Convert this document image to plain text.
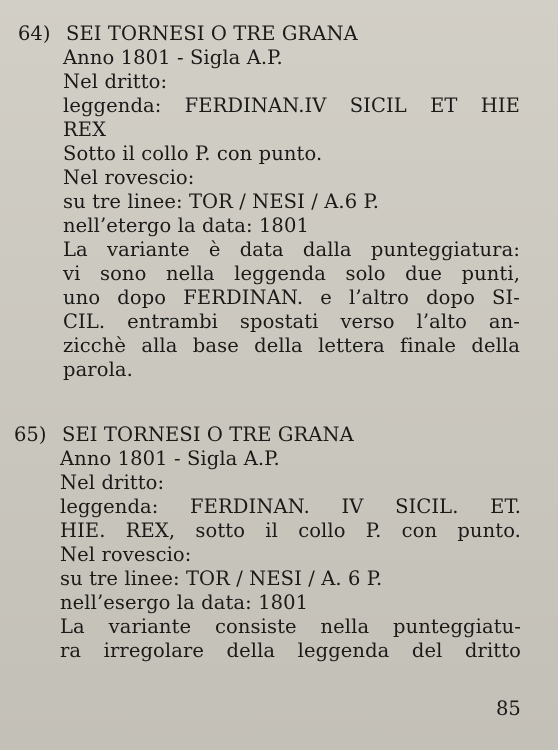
64) SEI TORNESI O TRE GRANA
Anno 1801 - Sigla A.P.
Nel dritto:
leggenda: FERDINAN.IV SICIL ET HIE
REX
Sotto il collo P. con punto.
Nel rovescio:
su tre linee: TOR / NESI / A.6 P.
nell’etergo la data: 1801
La variante è data dalla punteggiatura:
vi sono nella leggenda solo due punti,
uno dopo FERDINAN. e l’altro dopo SI-
CIL. entrambi spostati verso l’alto an-
zicchè alla base della lettera finale della
parola.
65) SEI TORNESI O TRE GRANA
Anno 1801 - Sigla A.P.
Nel dritto:
leggenda: FERDINAN. IV SICIL. ET.
HIE. REX, sotto il collo P. con punto.
Nel rovescio:
su tre linee: TOR / NESI / A. 6 P.
nell’esergo la data: 1801
La variante consiste nella punteggiatu-
ra irregolare della leggenda del dritto
85
